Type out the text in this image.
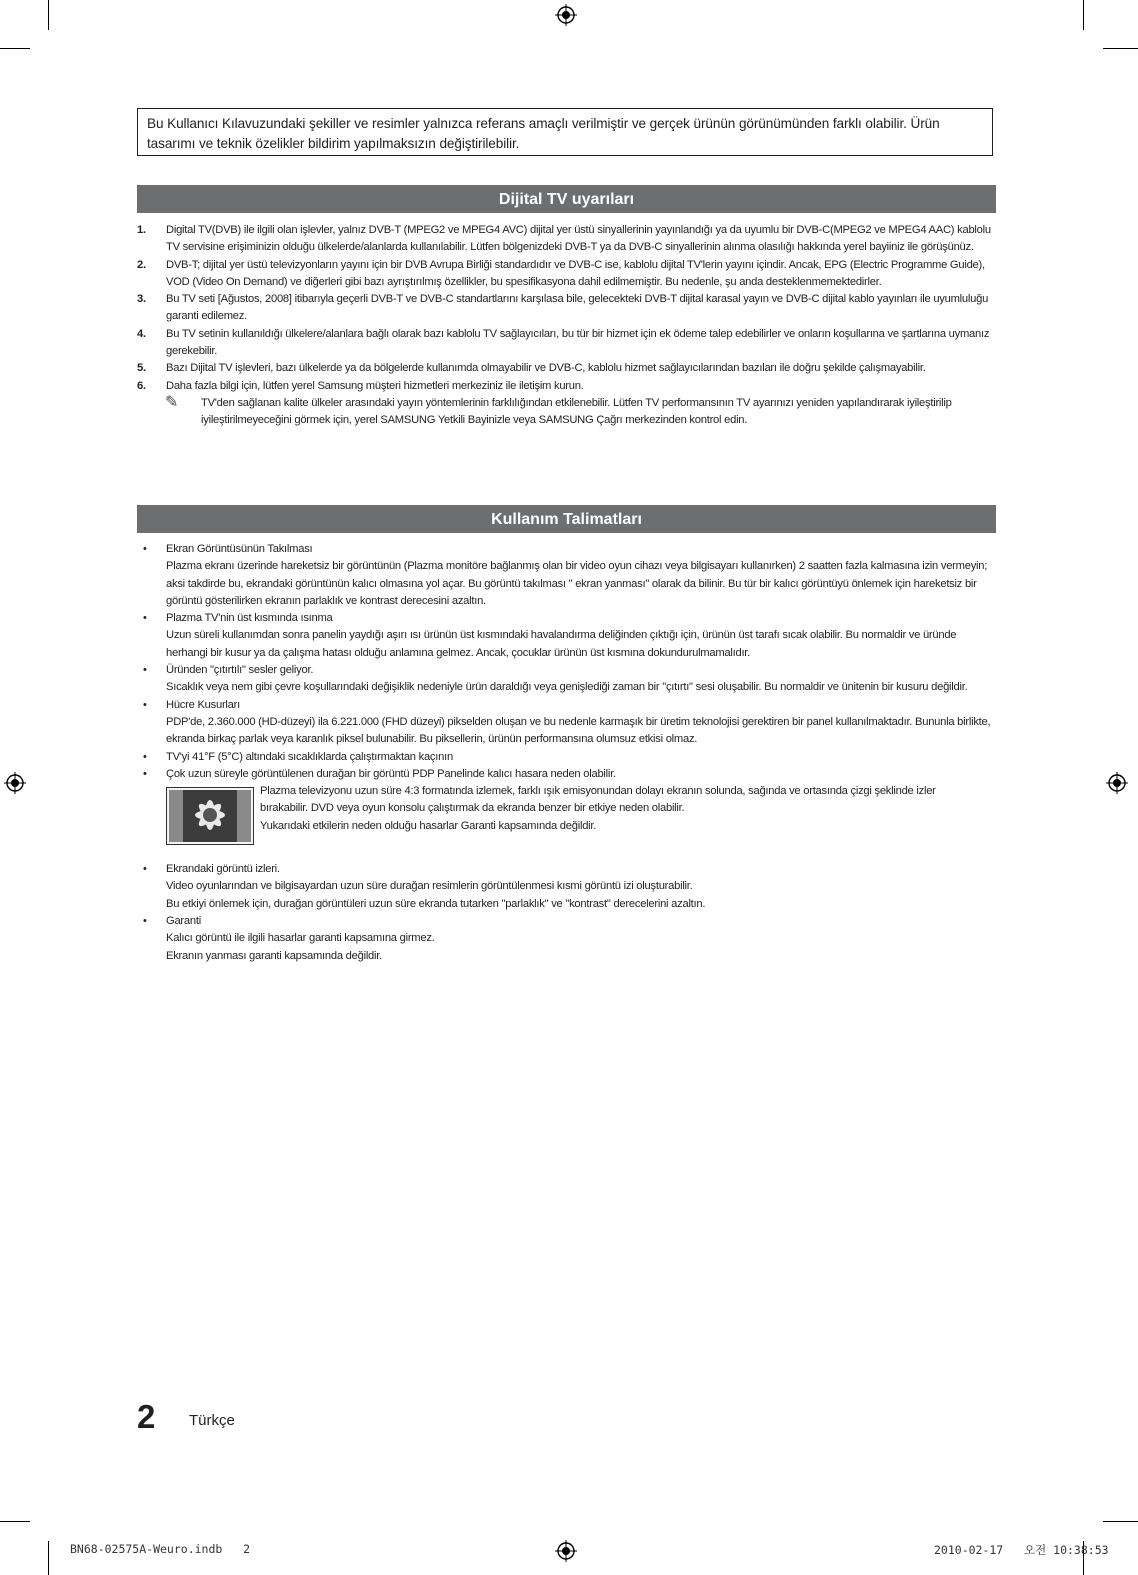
Bu Kullanıcı Kılavuzundaki şekiller ve resimler yalnızca referans amaçlı verilmiştir ve gerçek ürünün görünümünden farklı olabilir. Ürün tasarımı ve teknik özelikler bildirim yapılmaksızın değiştirilebilir.
Dijital TV uyarıları
1. Digital TV(DVB) ile ilgili olan işlevler, yalnız DVB-T (MPEG2 ve MPEG4 AVC) dijital yer üstü sinyallerinin yayınlandığı ya da uyumlu bir DVB-C(MPEG2 ve MPEG4 AAC) kablolu TV servisine erişiminizin olduğu ülkelerde/alanlarda kullanılabilir. Lütfen bölgenizdeki DVB-T ya da DVB-C sinyallerinin alınma olasılığı hakkında yerel bayiiniz ile görüşünüz.
2. DVB-T; dijital yer üstü televizyonların yayını için bir DVB Avrupa Birliği standardıdır ve DVB-C ise, kablolu dijital TV'lerin yayını içindir. Ancak, EPG (Electric Programme Guide), VOD (Video On Demand) ve diğerleri gibi bazı ayrıştırılmış özellikler, bu spesifikasyona dahil edilmemiştir. Bu nedenle, şu anda desteklenmemektedirler.
3. Bu TV seti [Ağustos, 2008] itibarıyla geçerli DVB-T ve DVB-C standartlarını karşılasa bile, gelecekteki DVB-T dijital karasal yayın ve DVB-C dijital kablo yayınları ile uyumluluğu garanti edilemez.
4. Bu TV setinin kullanıldığı ülkelere/alanlara bağlı olarak bazı kablolu TV sağlayıcıları, bu tür bir hizmet için ek ödeme talep edebilirler ve onların koşullarına ve şartlarına uymanız gerekebilir.
5. Bazı Dijital TV işlevleri, bazı ülkelerde ya da bölgelerde kullanımda olmayabilir ve DVB-C, kablolu hizmet sağlayıcılarından bazıları ile doğru şekilde çalışmayabilir.
6. Daha fazla bilgi için, lütfen yerel Samsung müşteri hizmetleri merkeziniz ile iletişim kurun.
✎ TV'den sağlanan kalite ülkeler arasındaki yayın yöntemlerinin farklılığından etkilenebilir. Lütfen TV performansının TV ayarınızı yeniden yapılandırarak iyileştirilip iyileştirilmeyeceğini görmek için, yerel SAMSUNG Yetkili Bayinizle veya SAMSUNG Çağrı merkezinden kontrol edin.
Kullanım Talimatları
• Ekran Görüntüsünün Takılması
Plazma ekranı üzerinde hareketsiz bir görüntünün (Plazma monitöre bağlanmış olan bir video oyun cihazı veya bilgisayarı kullanırken) 2 saatten fazla kalmasına izin vermeyin; aksi takdirde bu, ekrandaki görüntünün kalıcı olmasına yol açar. Bu görüntü takılması " ekran yanması" olarak da bilinir. Bu tür bir kalıcı görüntüyü önlemek için hareketsiz bir görüntü gösterilirken ekranın parlaklık ve kontrast derecesini azaltın.
• Plazma TV'nin üst kısmında ısınma
Uzun süreli kullanımdan sonra panelin yaydığı aşırı ısı ürünün üst kısmındaki havalandırma deliğinden çıktığı için, ürünün üst tarafı sıcak olabilir. Bu normaldir ve üründe herhangi bir kusur ya da çalışma hatası olduğu anlamına gelmez. Ancak, çocuklar ürünün üst kısmına dokundurulmamalıdır.
• Üründen "çıtırtılı" sesler geliyor.
Sıcaklık veya nem gibi çevre koşullarındaki değişiklik nedeniyle ürün daraldığı veya genişlediği zaman bir "çıtırtı" sesi oluşabilir. Bu normaldir ve ünitenin bir kusuru değildir.
• Hücre Kusurları
PDP'de, 2.360.000 (HD-düzeyi) ila 6.221.000 (FHD düzeyi) pikselden oluşan ve bu nedenle karmaşık bir üretim teknolojisi gerektiren bir panel kullanılmaktadır. Bununla birlikte, ekranda birkaç parlak veya karanlık piksel bulunabilir. Bu piksellerin, ürünün performansına olumsuz etkisi olmaz.
• TV'yi 41°F (5°C) altındaki sıcaklıklarda çalıştırmaktan kaçının
• Çok uzun süreyle görüntülenen durağan bir görüntü PDP Panelinde kalıcı hasara neden olabilir.
Plazma televizyonu uzun süre 4:3 formatında izlemek, farklı ışık emisyonundan dolayı ekranın solunda, sağında ve ortasında çizgi şeklinde izler bırakabilir. DVD veya oyun konsolu çalıştırmak da ekranda benzer bir etkiye neden olabilir.
Yukarıdaki etkilerin neden olduğu hasarlar Garanti kapsamında değildir.
• Ekrandaki görüntü izleri.
Video oyunlarından ve bilgisayardan uzun süre durağan resimlerin görüntülenmesi kısmi görüntü izi oluşturabilir.
Bu etkiyi önlemek için, durağan görüntüleri uzun süre ekranda tutarken "parlaklık" ve "kontrast" derecelerini azaltın.
• Garanti
Kalıcı görüntü ile ilgili hasarlar garanti kapsamına girmez.
Ekranın yanması garanti kapsamında değildir.
2 Türkçe
BN68-02575A-Weuro.indb   2	2010-02-17   오전 10:38:53
